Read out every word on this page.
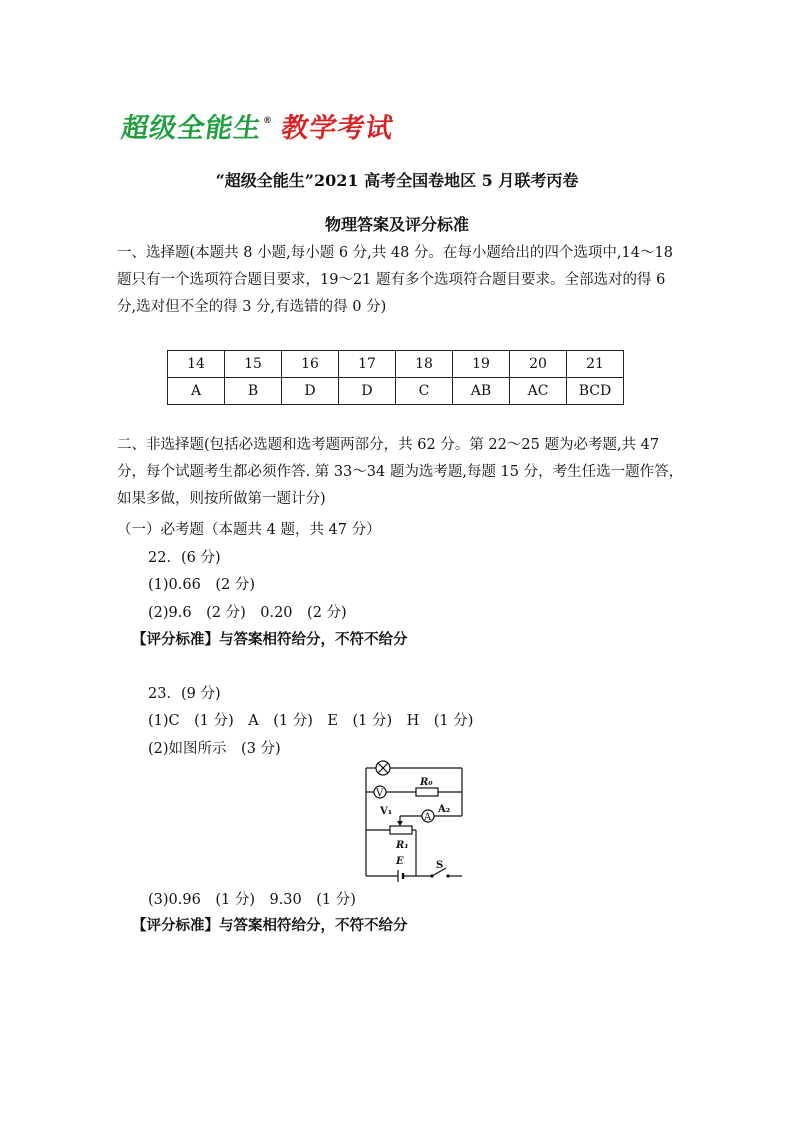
超级全能生 ® 教学考试
“超级全能生”2021 高考全国卷地区 5 月联考丙卷
物理答案及评分标准
一、选择题(本题共 8 小题,每小题 6 分,共 48 分。在每小题给出的四个选项中,14～18 题只有一个选项符合题目要求，19～21 题有多个选项符合题目要求。全部选对的得 6 分,选对但不全的得 3 分,有选错的得 0 分)
14	15	16	17	18	19	20	21
A	B	D	D	C	AB	AC	BCD
二、非选择题(包括必选题和选考题两部分，共 62 分。第 22～25 题为必考题,共 47 分，每个试题考生都必须作答. 第 33～34 题为选考题,每题 15 分，考生任选一题作答，如果多做，则按所做第一题计分)
（一）必考题（本题共 4 题，共 47 分）
22．(6 分)
(1)0.66　(2 分)
(2)9.6　(2 分)　0.20　(2 分)
【评分标准】与答案相符给分，不符不给分
23．(9 分)
(1)C　(1 分)　A　(1 分)　E　(1 分)　H　(1 分)
(2)如图所示　(3 分)
V
V₁
A
A₂
R₀
R₁
E	S
(3)0.96　(1 分)　9.30　(1 分)
【评分标准】与答案相符给分，不符不给分
